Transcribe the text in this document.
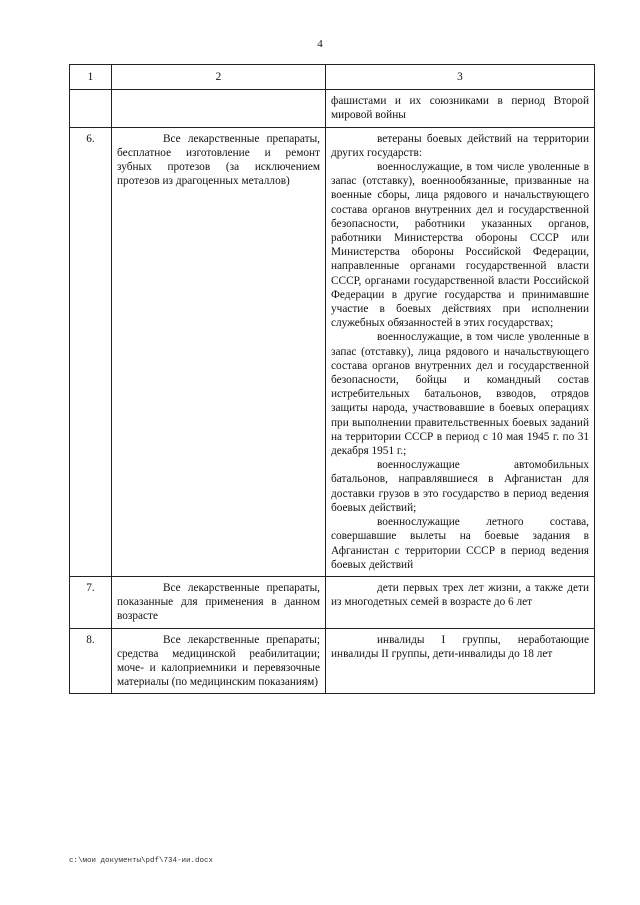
4
1	2	3

		фашистами и их союзниками в период Второй мировой войны

6.	Все лекарственные препараты, бесплатное изготовление и ремонт зубных протезов (за исключением протезов из драгоценных металлов)	ветераны боевых действий на территории других государств:

военнослужащие, в том числе уволенные в запас (отставку), военнообязанные, призванные на военные сборы, лица рядового и начальствующего состава органов внутренних дел и государственной безопасности, работники указанных органов, работники Министерства обороны СССР или Министерства обороны Российской Федерации, направленные органами государственной власти СССР, органами государственной власти Российской Федерации в другие государства и принимавшие участие в боевых действиях при исполнении служебных обязанностей в этих государствах;

военнослужащие, в том числе уволенные в запас (отставку), лица рядового и начальствующего состава органов внутренних дел и государственной безопасности, бойцы и командный состав истребительных батальонов, взводов, отрядов защиты народа, участвовавшие в боевых операциях при выполнении правительственных боевых заданий на территории СССР в период с 10 мая 1945 г. по 31 декабря 1951 г.;

военнослужащие автомобильных батальонов, направлявшиеся в Афганистан для доставки грузов в это государство в период ведения боевых действий;

военнослужащие летного состава, совершавшие вылеты на боевые задания в Афганистан с территории СССР в период ведения боевых действий

7.	Все лекарственные препараты, показанные для применения в данном возрасте	дети первых трех лет жизни, а также дети из многодетных семей в возрасте до 6 лет

8.	Все лекарственные препараты; средства медицинской реабилитации; моче- и калоприемники и перевязочные материалы (по медицинским показаниям)	инвалиды I группы, неработающие инвалиды II группы, дети-инвалиды до 18 лет

c:\мои документы\pdf\734-ии.docx
